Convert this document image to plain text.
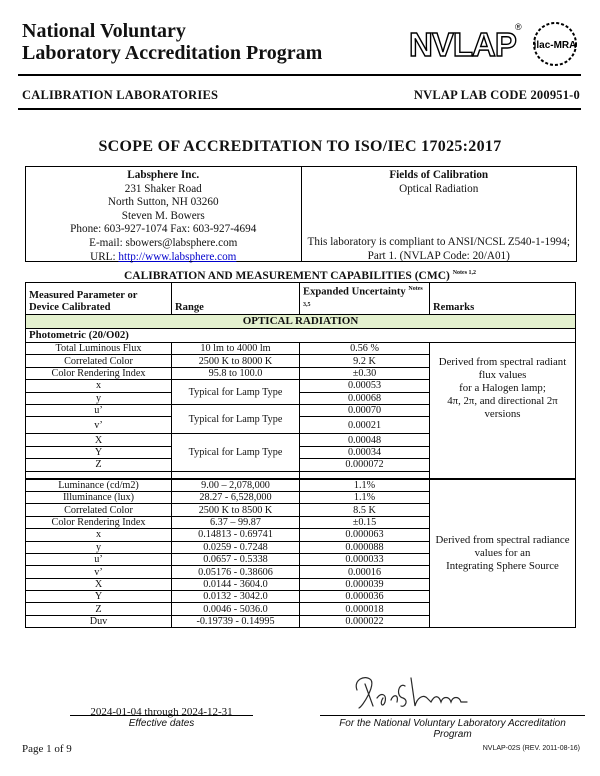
National Voluntary
Laboratory Accreditation Program	NVLAP ®
ilac-MRA
CALIBRATION LABORATORIES	NVLAP LAB CODE 200951-0
SCOPE OF ACCREDITATION TO ISO/IEC 17025:2017
Labsphere Inc.
231 Shaker Road
North Sutton, NH 03260
Steven M. Bowers
Phone: 603-927-1074 Fax: 603-927-4694
E-mail: sbowers@labsphere.com
URL: http://www.labsphere.com
Fields of Calibration
Optical Radiation
This laboratory is compliant to ANSI/NCSL Z540-1-1994;
Part 1. (NVLAP Code: 20/A01)
CALIBRATION AND MEASUREMENT CAPABILITIES (CMC) $^{Notes 1,2}$
Measured Parameter or Device Calibrated	Range	Expanded Uncertainty $^{Notes 3,5}$	Remarks
OPTICAL RADIATION			
Photometric (20/O02)			
Total Luminous Flux	10 lm to 4000 lm	0.56 %	Derived from spectral radiant
flux values
for a Halogen lamp;
4π, 2π, and directional 2π
versions

Correlated Color	2500 K to 8000 K	9.2 K	
Color Rendering Index	95.8 to 100.0	±0.30	
x	Typical for Lamp Type	0.00053	
y		0.00068	
u’	Typical for Lamp Type	0.00070	
v’		0.00021	
X	Typical for Lamp Type	0.00048	
Y		0.00034	
Z		0.000072	

Luminance (cd/m2)	9.00 – 2,078,000	1.1%	Derived from spectral radiance
values for an
Integrating Sphere Source

Illuminance (lux)	28.27 - 6,528,000	1.1%	
Correlated Color	2500 K to 8500 K	8.5 K	
Color Rendering Index	6.37 – 99.87	±0.15	
x	0.14813 - 0.69741	0.000063	
y	0.0259 - 0.7248	0.000088	
u’	0.0657 - 0.5338	0.000033	
v’	0.05176 - 0.38606	0.00016	
X	0.0144 - 3604.0	0.000039	
Y	0.0132 - 3042.0	0.000036	
Z	0.0046 - 5036.0	0.000018	
Duv	-0.19739 - 0.14995	0.000022	
2024-01-04 through 2024-12-31
Effective dates	For the National Voluntary Laboratory Accreditation Program
Page 1 of 9	NVLAP-02S (REV. 2011-08-16)
